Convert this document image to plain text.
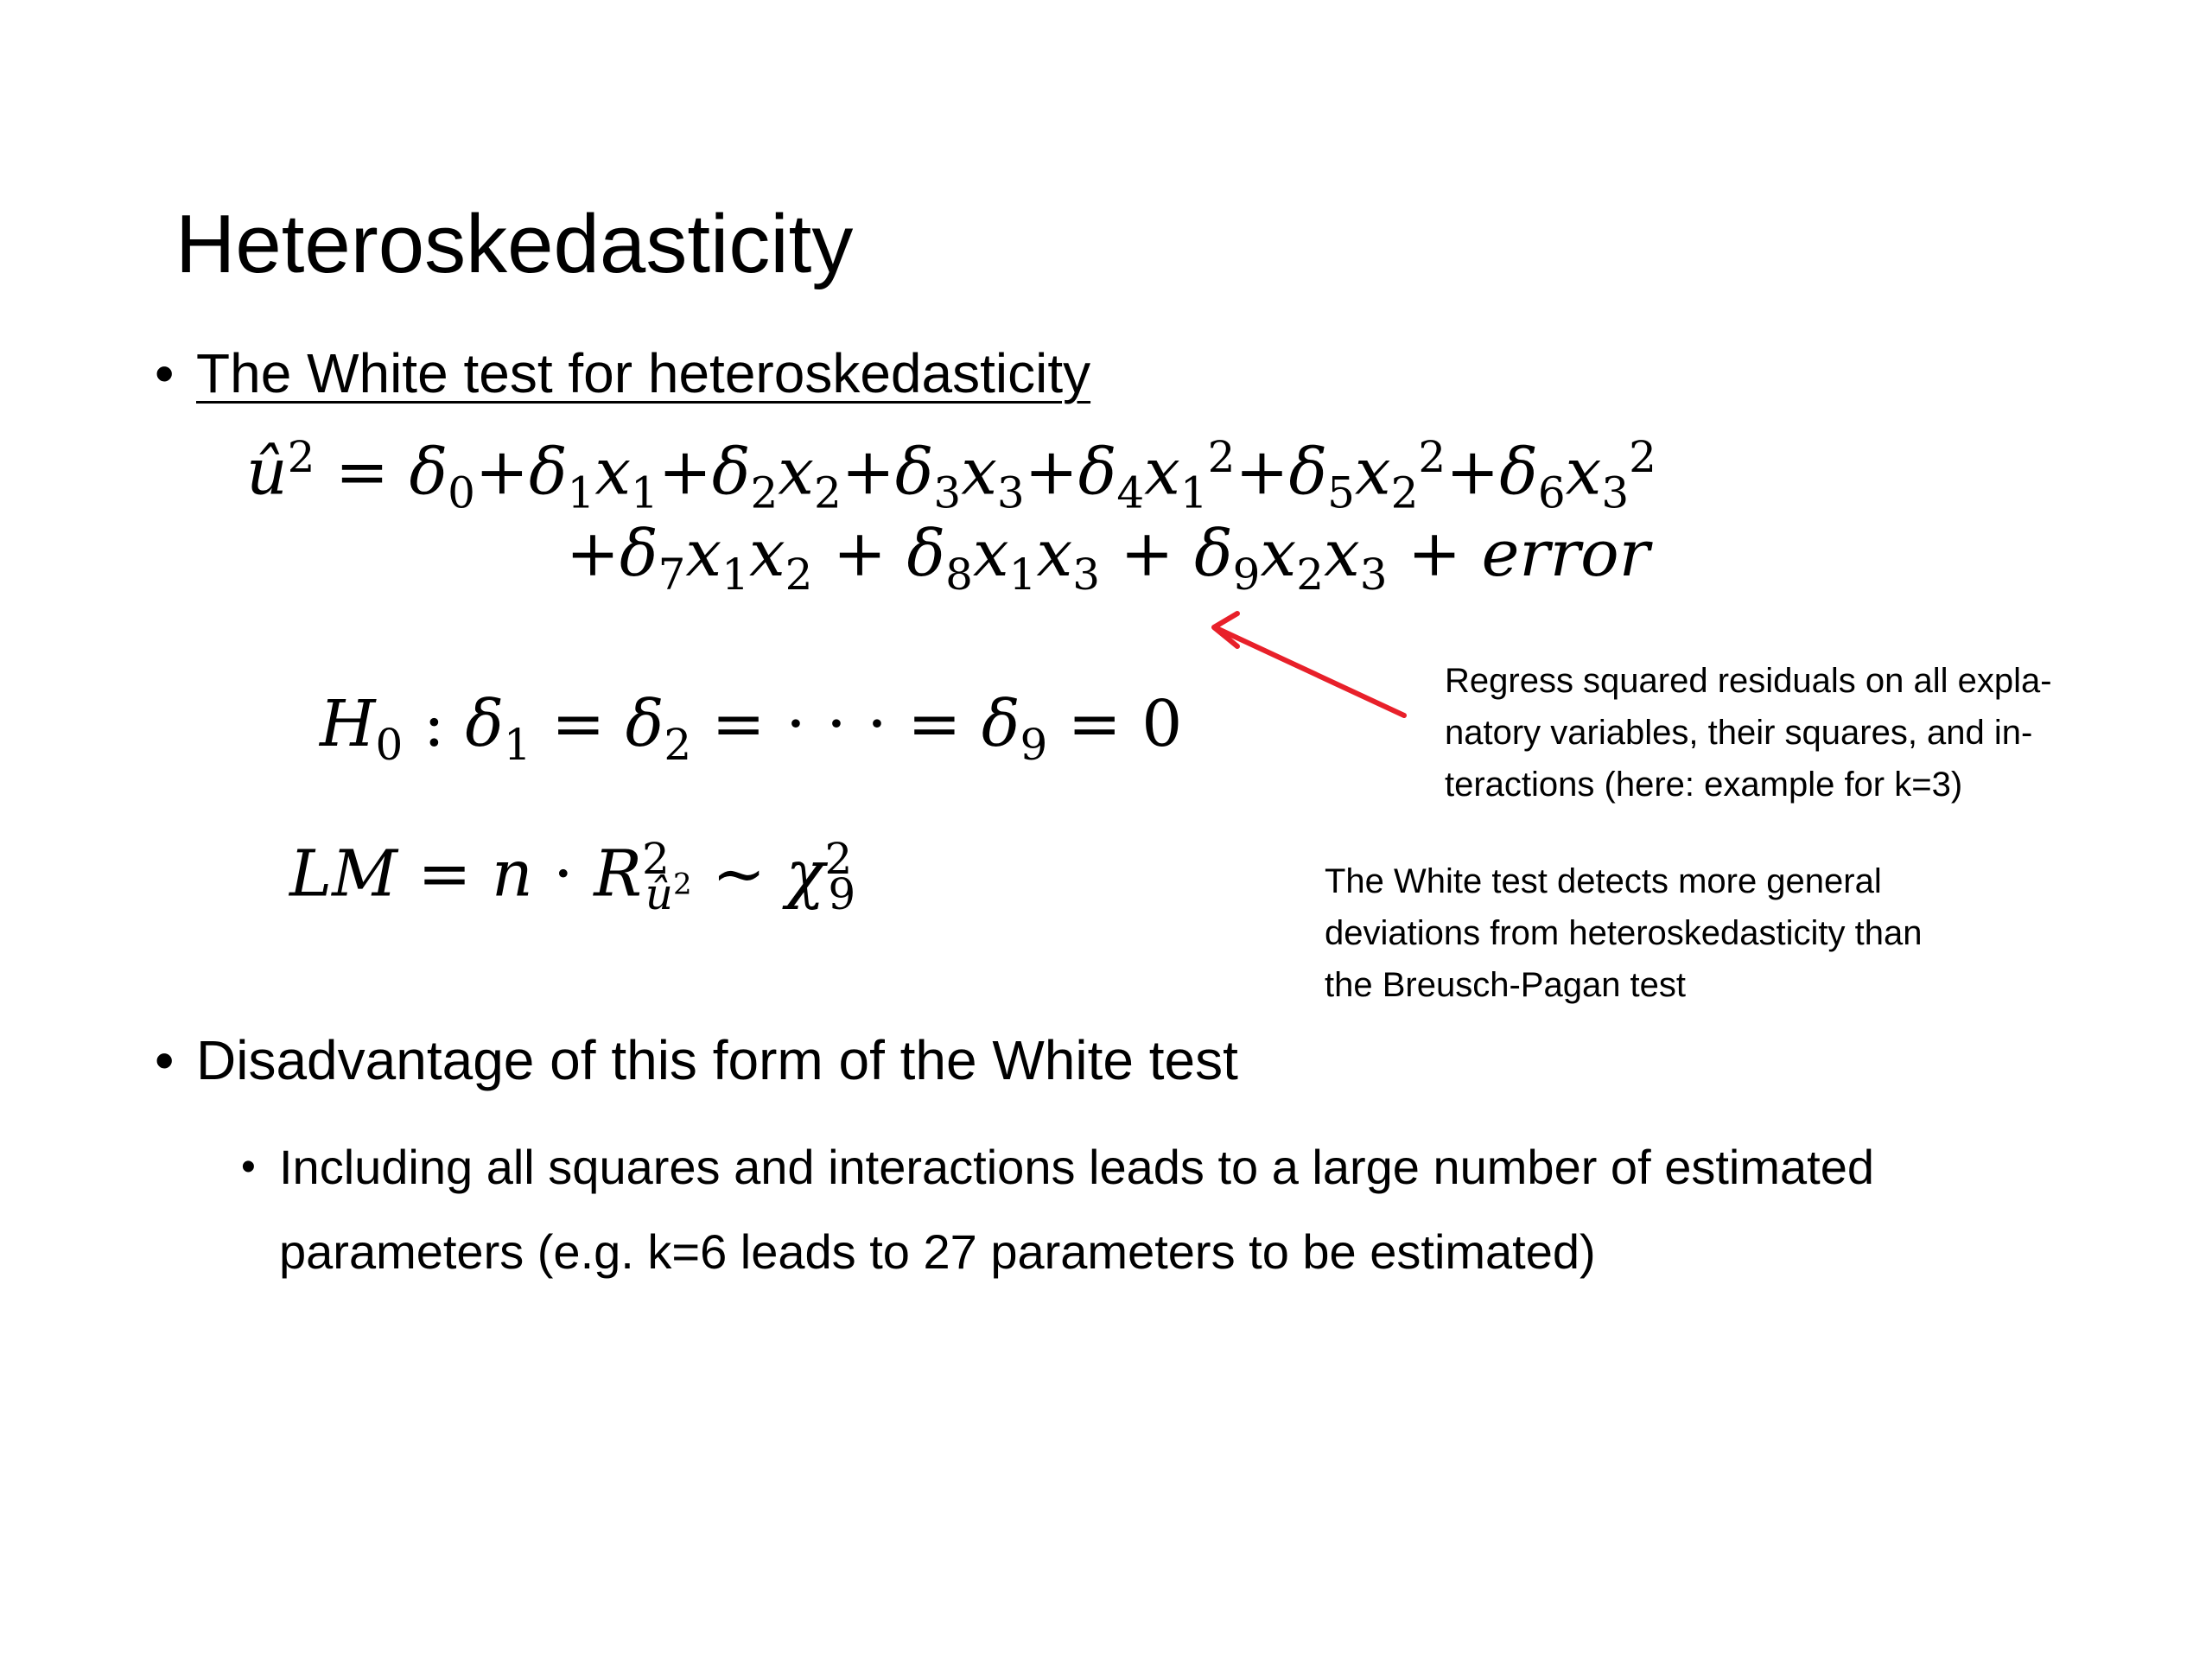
Heteroskedasticity
• The White test for heteroskedasticity
$û^2 = \delta_0+\delta_1x_1+\delta_2x_2+\delta_3x_3+\delta_4x_1^2+\delta_5x_2^2+\delta_6x_3^2$
$+\delta_7x_1x_2 + \delta_8x_1x_3 + \delta_9x_2x_3$ + error
$H_0$ : $\delta_1 = \delta_2$ = · · · = $\delta_9 = 0$
LM = $n \cdot R^2_{û^2}$ ~ $\chi^2_9$
Regress squared residuals on all expla-
natory variables, their squares, and in-
teractions (here: example for k=3)
The White test detects more general
deviations from heteroskedasticity than
the Breusch-Pagan test
• Disadvantage of this form of the White test
• Including all squares and interactions leads to a large number of estimated parameters (e.g. k=6 leads to 27 parameters to be estimated)
